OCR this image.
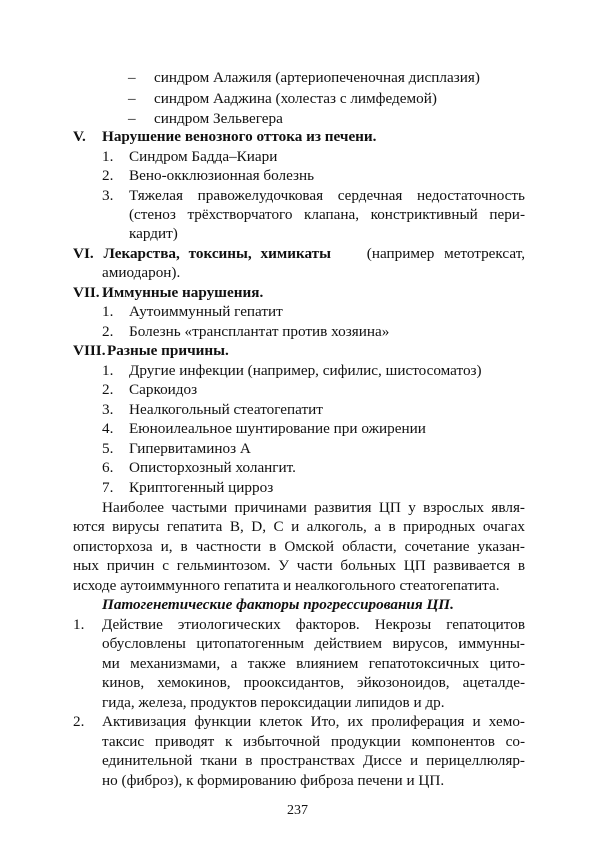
– синдром Алажиля (артериопеченочная дисплазия)
– синдром Ааджина (холестаз с лимфедемой)
– синдром Зельвегера
V. Нарушение венозного оттока из печени.
1. Синдром Бадда–Киари
2. Вено-окклюзионная болезнь
3. Тяжелая правожелудочковая сердечная недостаточность
(стеноз трёхстворчатого клапана, констриктивный пери-
кардит)
VI. Лекарства, токсины, химикаты (например метотрексат,
амиодарон).
VII. Иммунные нарушения.
1. Аутоиммунный гепатит
2. Болезнь «трансплантат против хозяина»
VIII. Разные причины.
1. Другие инфекции (например, сифилис, шистосоматоз)
2. Саркоидоз
3. Неалкогольный стеатогепатит
4. Еюноилеальное шунтирование при ожирении
5. Гипервитаминоз А
6. Описторхозный холангит.
7. Криптогенный цирроз
Наиболее частыми причинами развития ЦП у взрослых явля-
ются вирусы гепатита B, D, C и алкоголь, а в природных очагах
описторхоза и, в частности в Омской области, сочетание указан-
ных причин с гельминтозом. У части больных ЦП развивается в
исходе аутоиммунного гепатита и неалкогольного стеатогепатита.
Патогенетические факторы прогрессирования ЦП.
1. Действие этиологических факторов. Некрозы гепатоцитов
обусловлены цитопатогенным действием вирусов, иммунны-
ми механизмами, а также влиянием гепатотоксичных цито-
кинов, хемокинов, прооксидантов, эйкозоноидов, ацеталде-
гида, железа, продуктов пероксидации липидов и др.
2. Активизация функции клеток Ито, их пролиферация и хемо-
таксис приводят к избыточной продукции компонентов со-
единительной ткани в пространствах Диссе и перицеллюляр-
но (фиброз), к формированию фиброза печени и ЦП.
237
